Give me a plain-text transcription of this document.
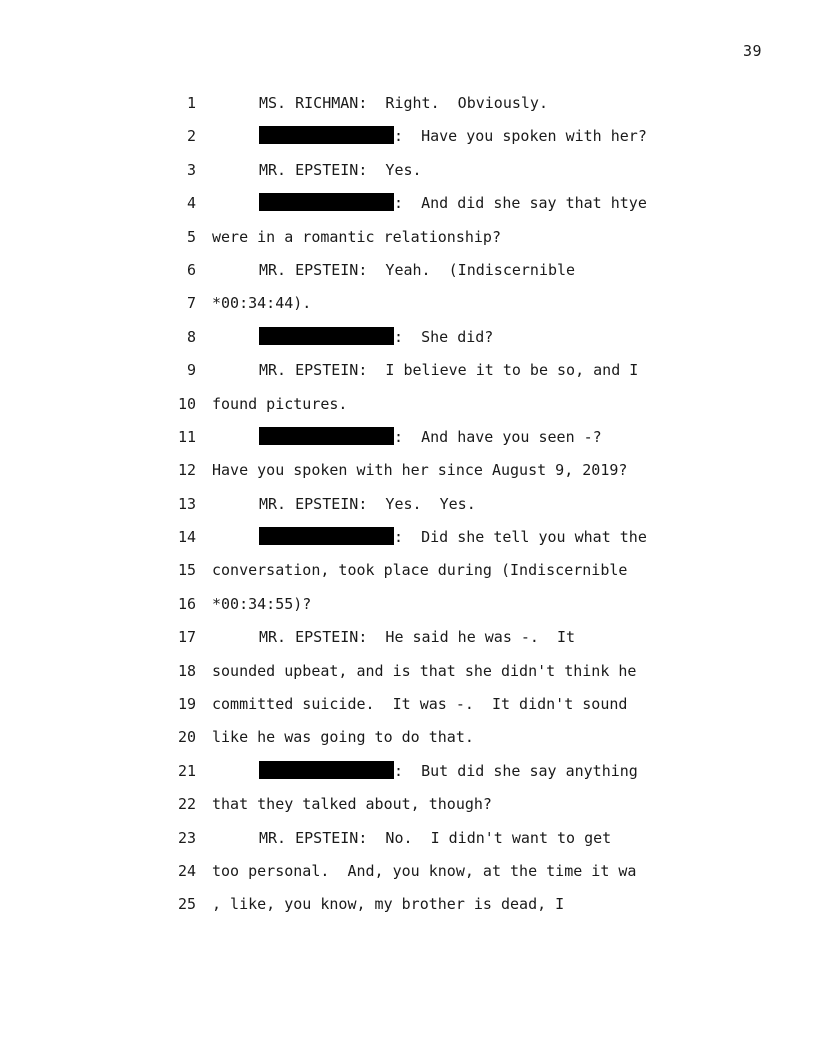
39
1	MS. RICHMAN:  Right.  Obviously.
2	:  Have you spoken with her?
3	MR. EPSTEIN:  Yes.
4	:  And did she say that htye
5 were in a romantic relationship?
6	MR. EPSTEIN:  Yeah.  (Indiscernible
7 *00:34:44).
8	:  She did?
9	MR. EPSTEIN:  I believe it to be so, and I
10 found pictures.
11	:  And have you seen -?
12 Have you spoken with her since August 9, 2019?
13	MR. EPSTEIN:  Yes.  Yes.
14	:  Did she tell you what the
15 conversation, took place during (Indiscernible
16 *00:34:55)?
17	MR. EPSTEIN:  He said he was -.  It
18 sounded upbeat, and is that she didn't think he
19 committed suicide.  It was -.  It didn't sound
20 like he was going to do that.
21	:  But did she say anything
22 that they talked about, though?
23	MR. EPSTEIN:  No.  I didn't want to get
24 too personal.  And, you know, at the time it wa
25 , like, you know, my brother is dead, I
